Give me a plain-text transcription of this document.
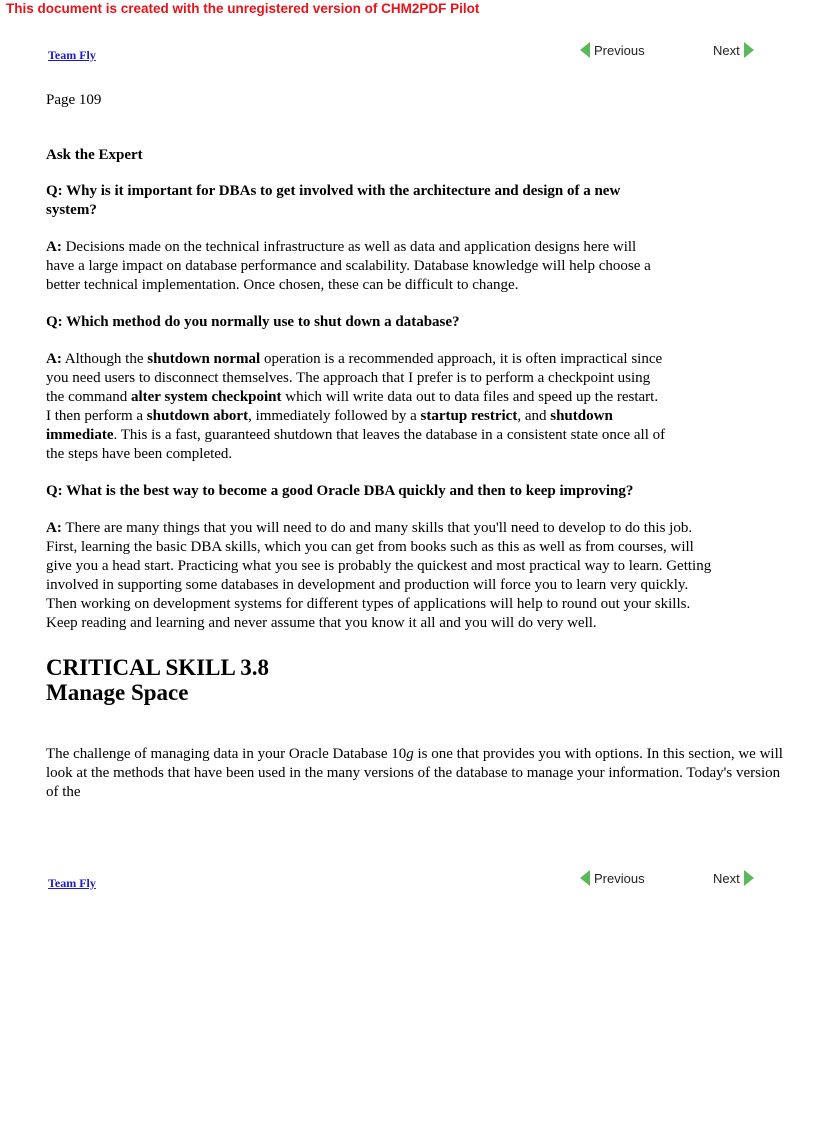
This document is created with the unregistered version of CHM2PDF Pilot
Team Fly	Previous	Next

Page 109

Ask the Expert

Q: Why is it important for DBAs to get involved with the architecture and design of a new system?

A: Decisions made on the technical infrastructure as well as data and application designs here will have a large impact on database performance and scalability. Database knowledge will help choose a better technical implementation. Once chosen, these can be difficult to change.

Q: Which method do you normally use to shut down a database?

A: Although the shutdown normal operation is a recommended approach, it is often impractical since you need users to disconnect themselves. The approach that I prefer is to perform a checkpoint using the command alter system checkpoint which will write data out to data files and speed up the restart. I then perform a shutdown abort, immediately followed by a startup restrict, and shutdown immediate. This is a fast, guaranteed shutdown that leaves the database in a consistent state once all of the steps have been completed.

Q: What is the best way to become a good Oracle DBA quickly and then to keep improving?

A: There are many things that you will need to do and many skills that you'll need to develop to do this job. First, learning the basic DBA skills, which you can get from books such as this as well as from courses, will give you a head start. Practicing what you see is probably the quickest and most practical way to learn. Getting involved in supporting some databases in development and production will force you to learn very quickly. Then working on development systems for different types of applications will help to round out your skills. Keep reading and learning and never assume that you know it all and you will do very well.

CRITICAL SKILL 3.8
Manage Space

The challenge of managing data in your Oracle Database 10g is one that provides you with options. In this section, we will look at the methods that have been used in the many versions of the database to manage your information. Today's version of the

Team Fly	Previous	Next
